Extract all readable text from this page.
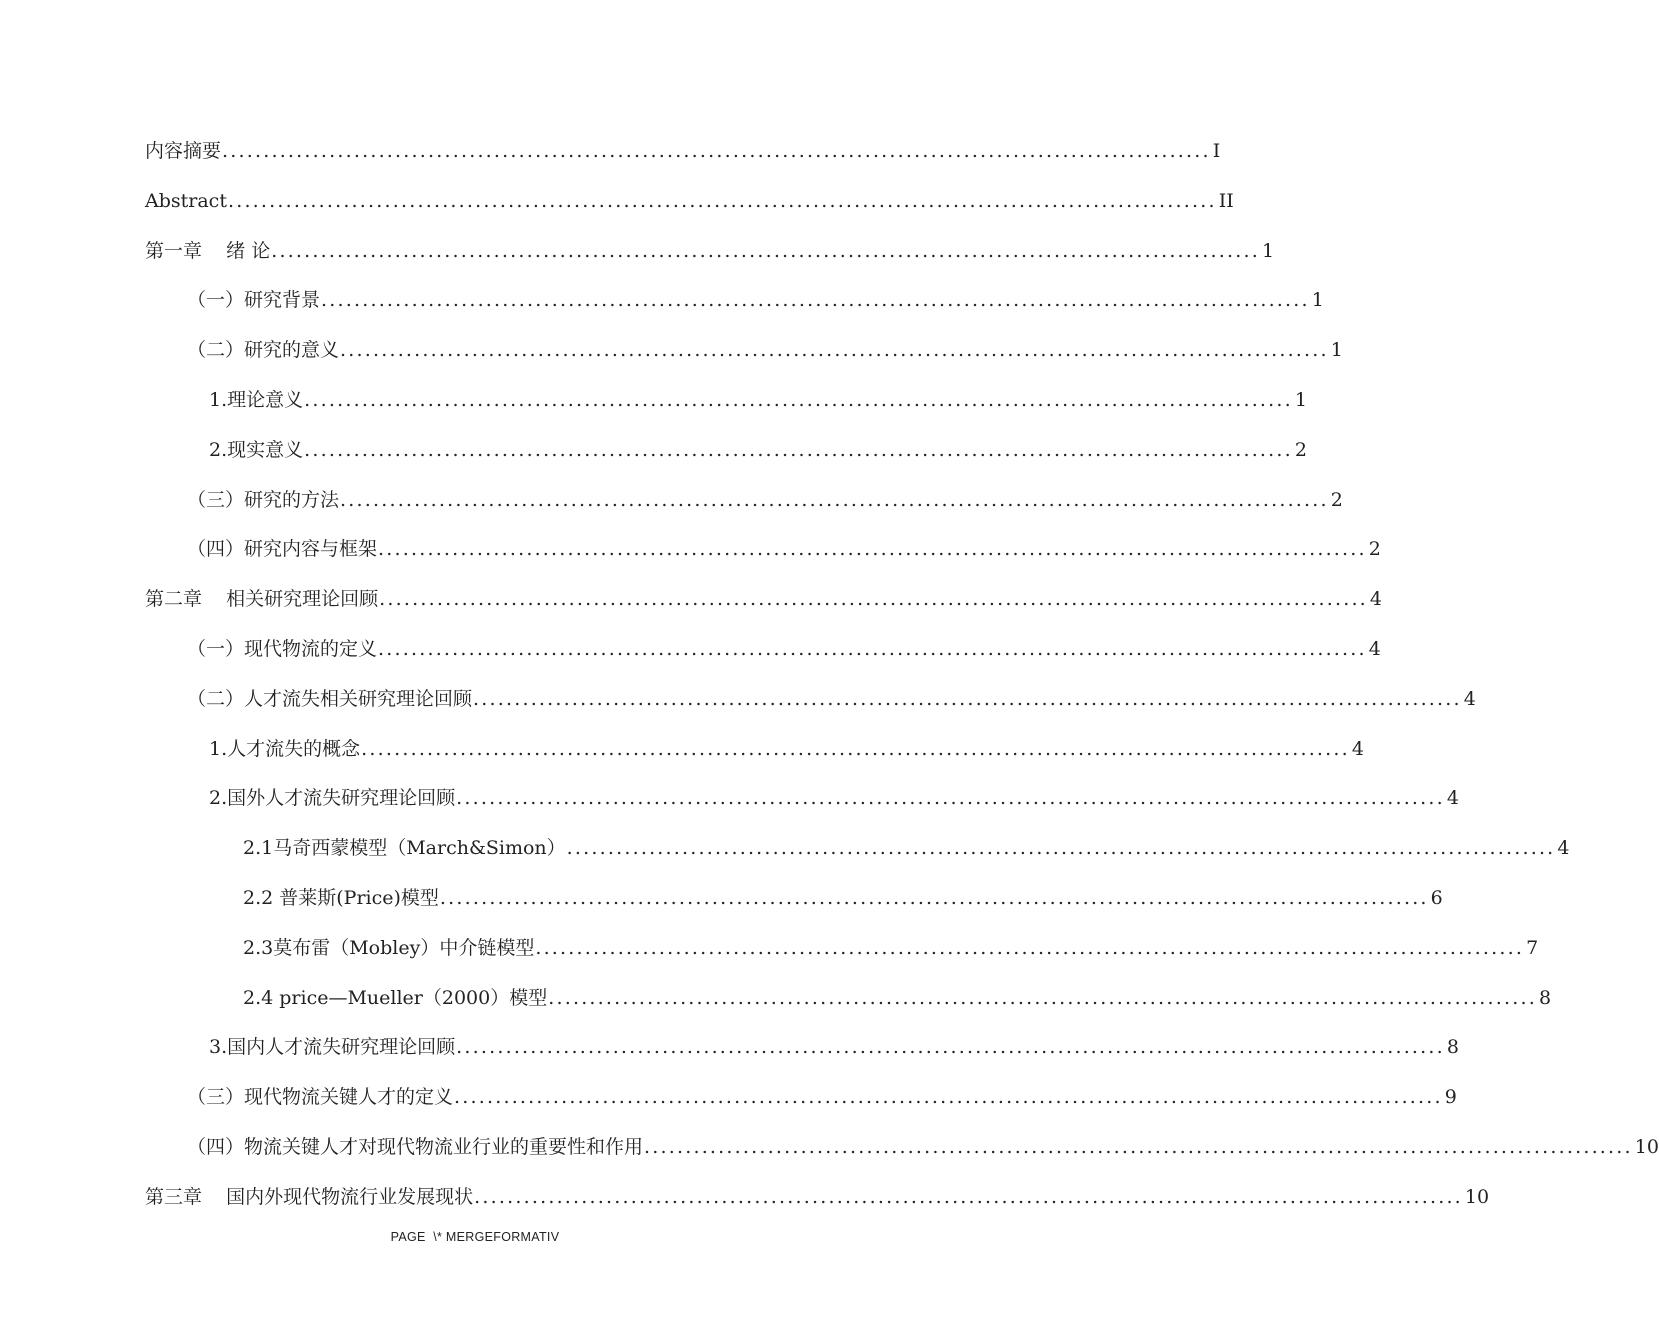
内容摘要 ........................................................................................................................ I
Abstract ........................................................................................................................ II
第一章    绪 论 ........................................................................................................................ 1
（一）研究背景 ........................................................................................................................ 1
（二）研究的意义 ........................................................................................................................ 1
1.理论意义 ........................................................................................................................ 1
2.现实意义 ........................................................................................................................ 2
（三）研究的方法 ........................................................................................................................ 2
（四）研究内容与框架 ........................................................................................................................ 2
第二章    相关研究理论回顾 ........................................................................................................................ 4
（一）现代物流的定义 ........................................................................................................................ 4
（二）人才流失相关研究理论回顾 ........................................................................................................................ 4
1.人才流失的概念 ........................................................................................................................ 4
2.国外人才流失研究理论回顾 ........................................................................................................................ 4
2.1马奇西蒙模型（March&Simon） ........................................................................................................................ 4
2.2 普莱斯(Price)模型 ........................................................................................................................ 6
2.3莫布雷（Mobley）中介链模型 ........................................................................................................................ 7
2.4 price—Mueller（2000）模型 ........................................................................................................................ 8
3.国内人才流失研究理论回顾 ........................................................................................................................ 8
（三）现代物流关键人才的定义 ........................................................................................................................ 9
（四）物流关键人才对现代物流业行业的重要性和作用 ........................................................................................................................ 10
第三章    国内外现代物流行业发展现状 ........................................................................................................................ 10
PAGE  \* MERGEFORMATIV
